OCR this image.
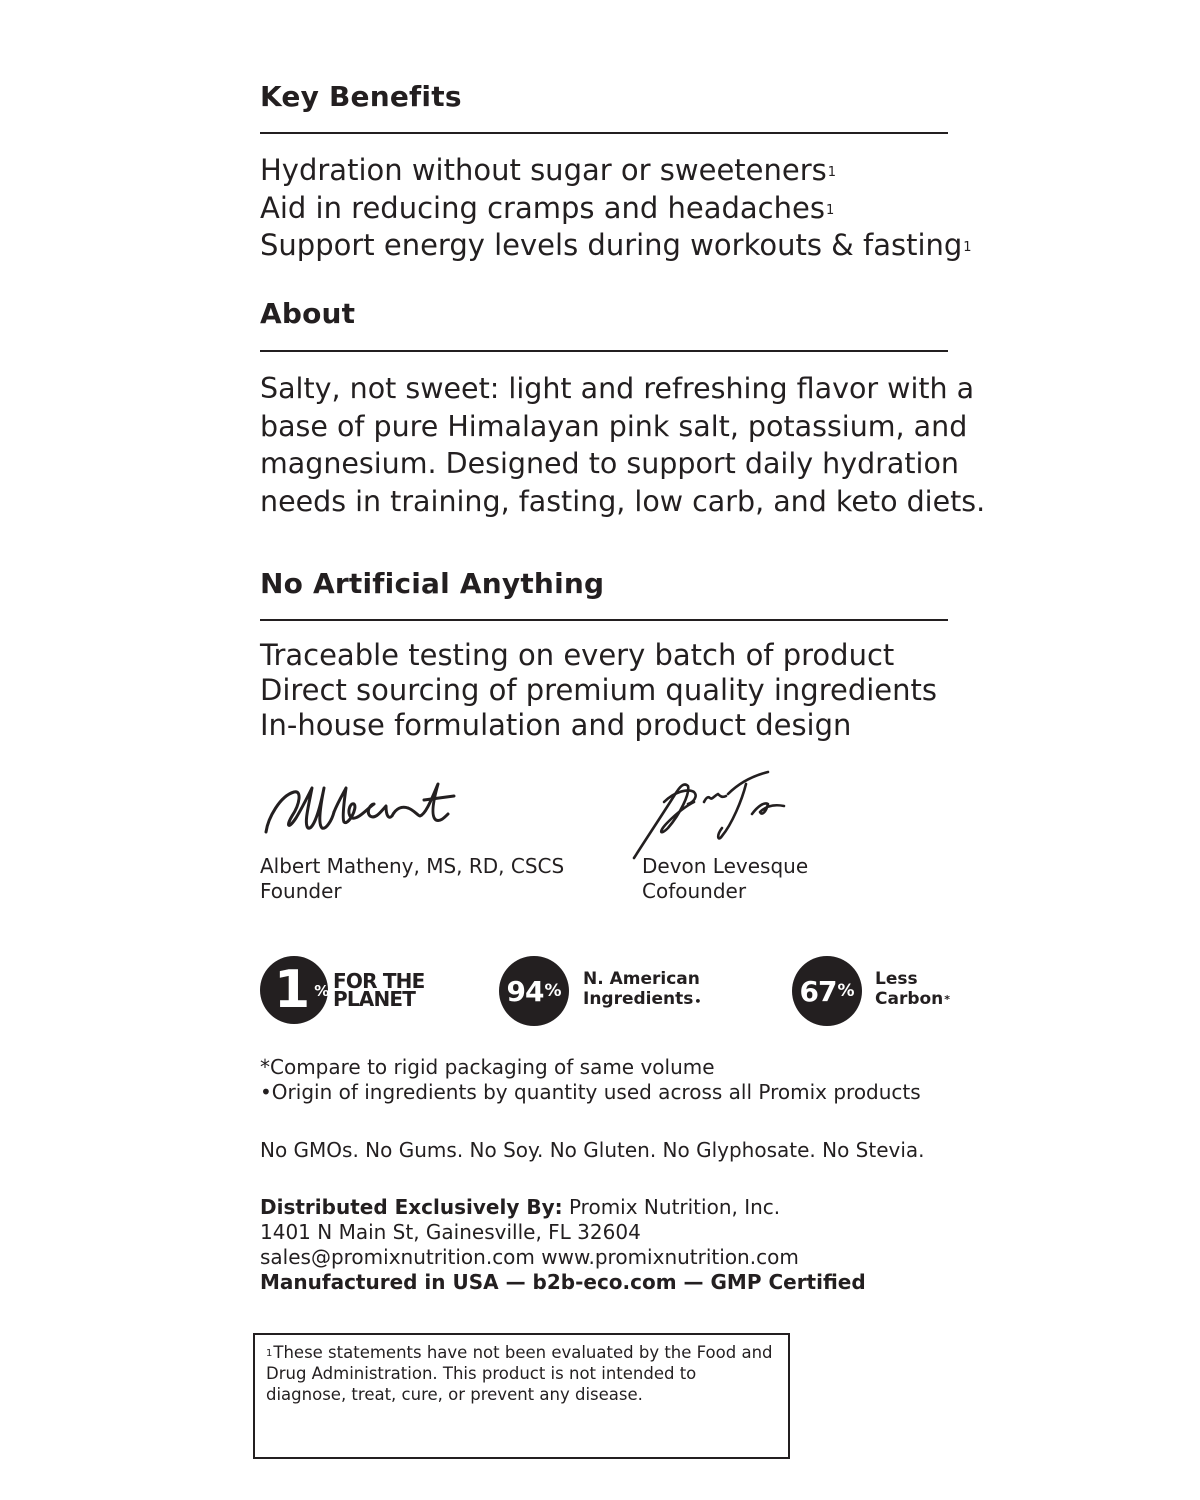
Key Benefits
Hydration without sugar or sweeteners$^1$
Aid in reducing cramps and headaches$^1$
Support energy levels during workouts & fasting$^1$
About
Salty, not sweet: light and refreshing flavor with a
base of pure Himalayan pink salt, potassium, and
magnesium. Designed to support daily hydration
needs in training, fasting, low carb, and keto diets.
No Artificial Anything
Traceable testing on every batch of product
Direct sourcing of premium quality ingredients
In-house formulation and product design
Albert Matheny, MS, RD, CSCS
Founder
Devon Levesque
Cofounder
1 % FOR THE
PLANET	94 %
N. American
Ingredients•	67 %
Less
Carbon*
*Compare to rigid packaging of same volume
•Origin of ingredients by quantity used across all Promix products
No GMOs. No Gums. No Soy. No Gluten. No Glyphosate. No Stevia.
Distributed Exclusively By: Promix Nutrition, Inc.
1401 N Main St, Gainesville, FL 32604
sales@promixnutrition.com www.promixnutrition.com
Manufactured in USA — b2b-eco.com — GMP Certified
$^1$These statements have not been evaluated by the Food and Drug Administration. This product is not intended to diagnose, treat, cure, or prevent any disease.
